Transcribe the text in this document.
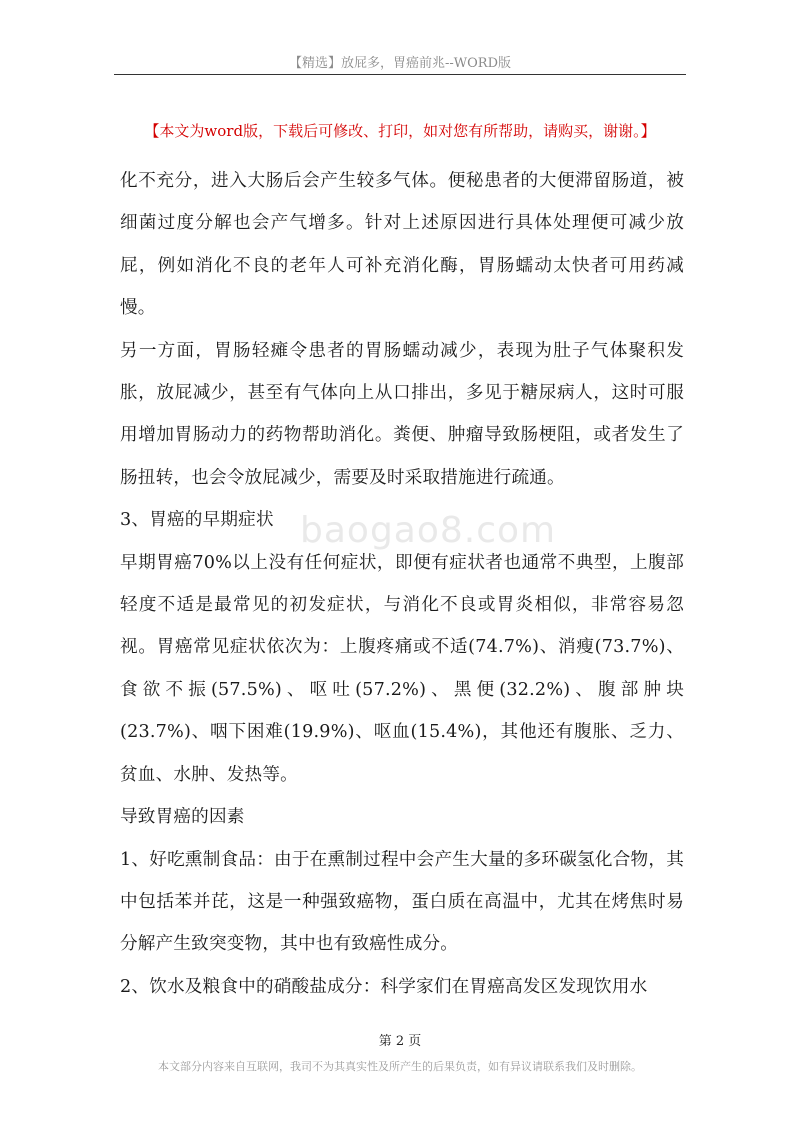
【精选】放屁多，胃癌前兆--WORD版
【本文为word版，下载后可修改、打印，如对您有所帮助，请购买，谢谢。】
baogao8.com

化不充分，进入大肠后会产生较多气体。便秘患者的大便滞留肠道，被细菌过度分解也会产气增多。针对上述原因进行具体处理便可减少放屁，例如消化不良的老年人可补充消化酶，胃肠蠕动太快者可用药减慢。

另一方面，胃肠轻瘫令患者的胃肠蠕动减少，表现为肚子气体聚积发胀，放屁减少，甚至有气体向上从口排出，多见于糖尿病人，这时可服用增加胃肠动力的药物帮助消化。粪便、肿瘤导致肠梗阻，或者发生了肠扭转，也会令放屁减少，需要及时采取措施进行疏通。

3、胃癌的早期症状

早期胃癌70%以上没有任何症状，即便有症状者也通常不典型，上腹部轻度不适是最常见的初发症状，与消化不良或胃炎相似，非常容易忽视。胃癌常见症状依次为：上腹疼痛或不适(74.7%)、消瘦(73.7%)、食欲不振(57.5%)、呕吐(57.2%)、黑便(32.2%)、腹部肿块(23.7%)、咽下困难(19.9%)、呕血(15.4%)，其他还有腹胀、乏力、贫血、水肿、发热等。

导致胃癌的因素

1、好吃熏制食品：由于在熏制过程中会产生大量的多环碳氢化合物，其中包括苯并芘，这是一种强致癌物，蛋白质在高温中，尤其在烤焦时易分解产生致突变物，其中也有致癌性成分。

2、饮水及粮食中的硝酸盐成分：科学家们在胃癌高发区发现饮用水

第 2 页
本文部分内容来自互联网，我司不为其真实性及所产生的后果负责，如有异议请联系我们及时删除。
